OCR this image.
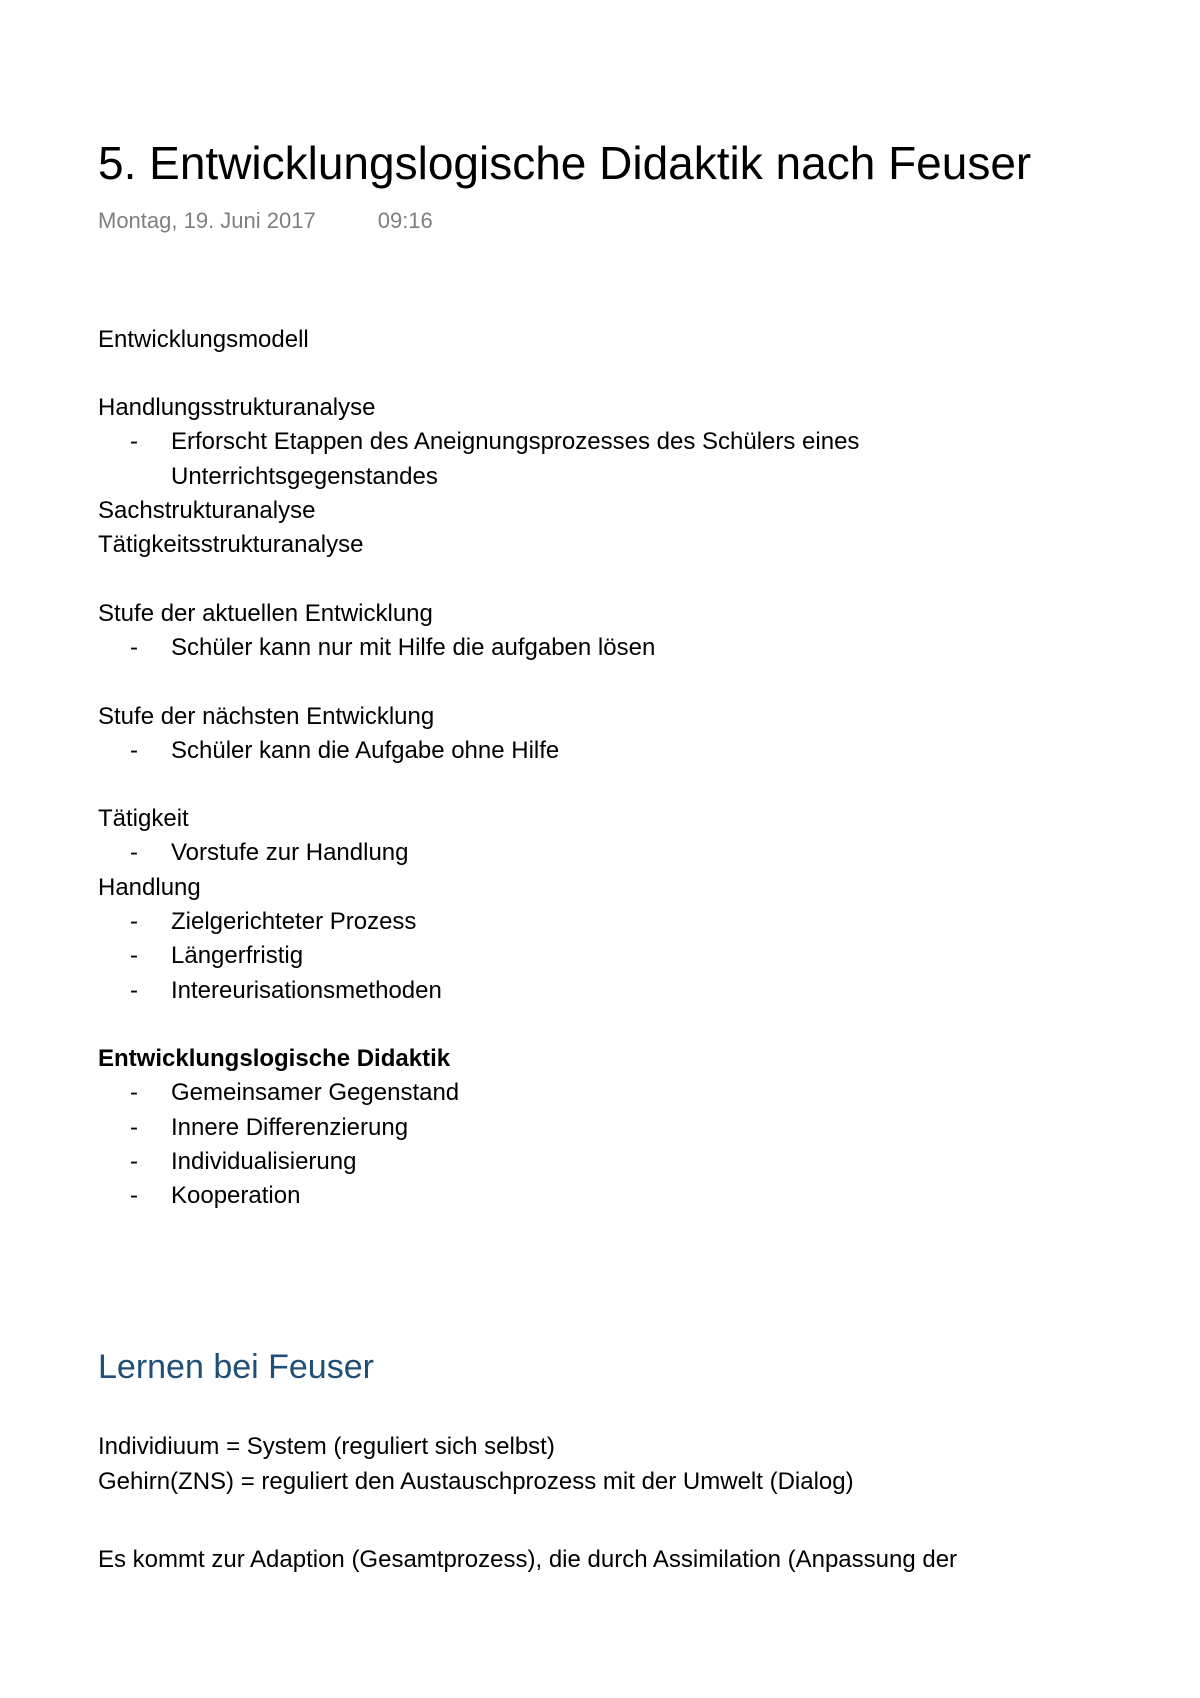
5. Entwicklungslogische Didaktik nach Feuser
Montag, 19. Juni 2017	09:16
Entwicklungsmodell
Handlungsstrukturanalyse
- Erforscht Etappen des Aneignungsprozesses des Schülers eines
Unterrichtsgegenstandes
Sachstrukturanalyse
Tätigkeitsstrukturanalyse
Stufe der aktuellen Entwicklung
- Schüler kann nur mit Hilfe die aufgaben lösen
Stufe der nächsten Entwicklung
- Schüler kann die Aufgabe ohne Hilfe
Tätigkeit
- Vorstufe zur Handlung
Handlung
- Zielgerichteter Prozess
- Längerfristig
- Intereurisationsmethoden
Entwicklungslogische Didaktik
- Gemeinsamer Gegenstand
- Innere Differenzierung
- Individualisierung
- Kooperation
Lernen bei Feuser
Individiuum = System (reguliert sich selbst)
Gehirn(ZNS) = reguliert den Austauschprozess mit der Umwelt (Dialog)
Es kommt zur Adaption (Gesamtprozess), die durch Assimilation (Anpassung der
